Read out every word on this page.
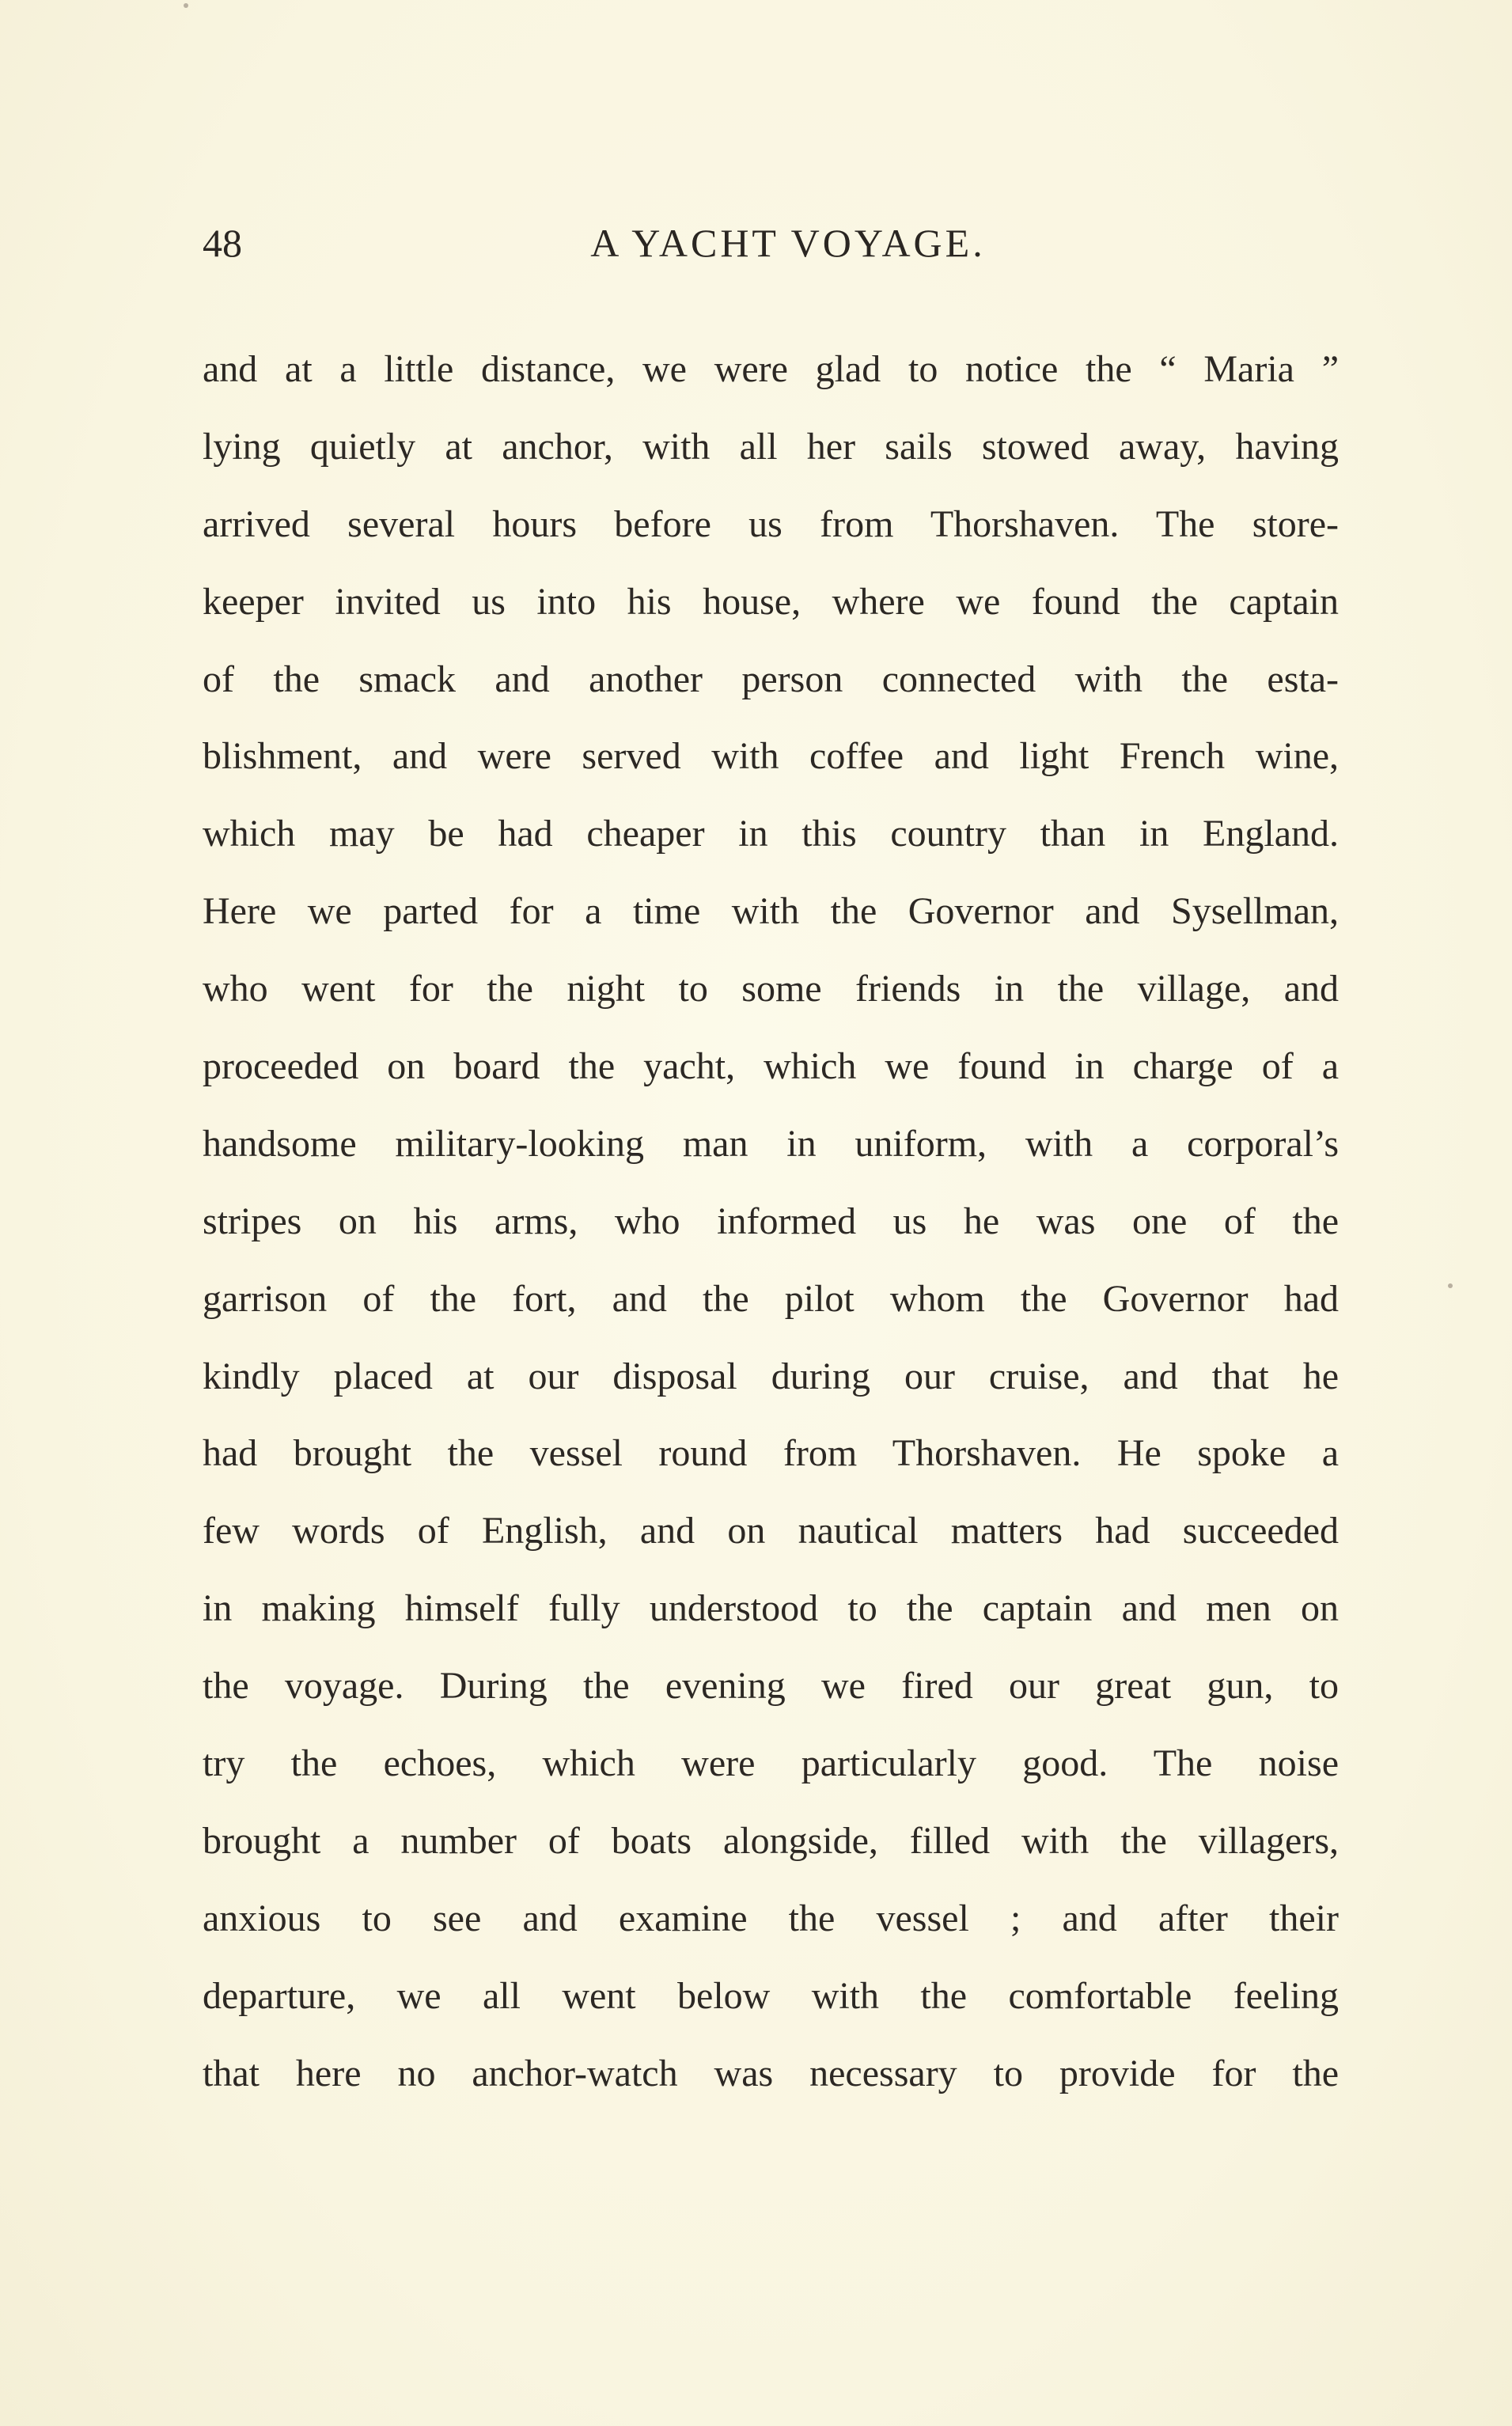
48	A YACHT VOYAGE.
and at a little distance, we were glad to notice the “ Maria ”
lying quietly at anchor, with all her sails stowed away, having
arrived several hours before us from Thorshaven. The store-
keeper invited us into his house, where we found the captain
of the smack and another person connected with the esta-
blishment, and were served with coffee and light French wine,
which may be had cheaper in this country than in England.
Here we parted for a time with the Governor and Sysellman,
who went for the night to some friends in the village, and
proceeded on board the yacht, which we found in charge of a
handsome military-looking man in uniform, with a corporal’s
stripes on his arms, who informed us he was one of the
garrison of the fort, and the pilot whom the Governor had
kindly placed at our disposal during our cruise, and that he
had brought the vessel round from Thorshaven. He spoke a
few words of English, and on nautical matters had succeeded
in making himself fully understood to the captain and men on
the voyage. During the evening we fired our great gun, to
try the echoes, which were particularly good. The noise
brought a number of boats alongside, filled with the villagers,
anxious to see and examine the vessel ; and after their
departure, we all went below with the comfortable feeling
that here no anchor-watch was necessary to provide for the
